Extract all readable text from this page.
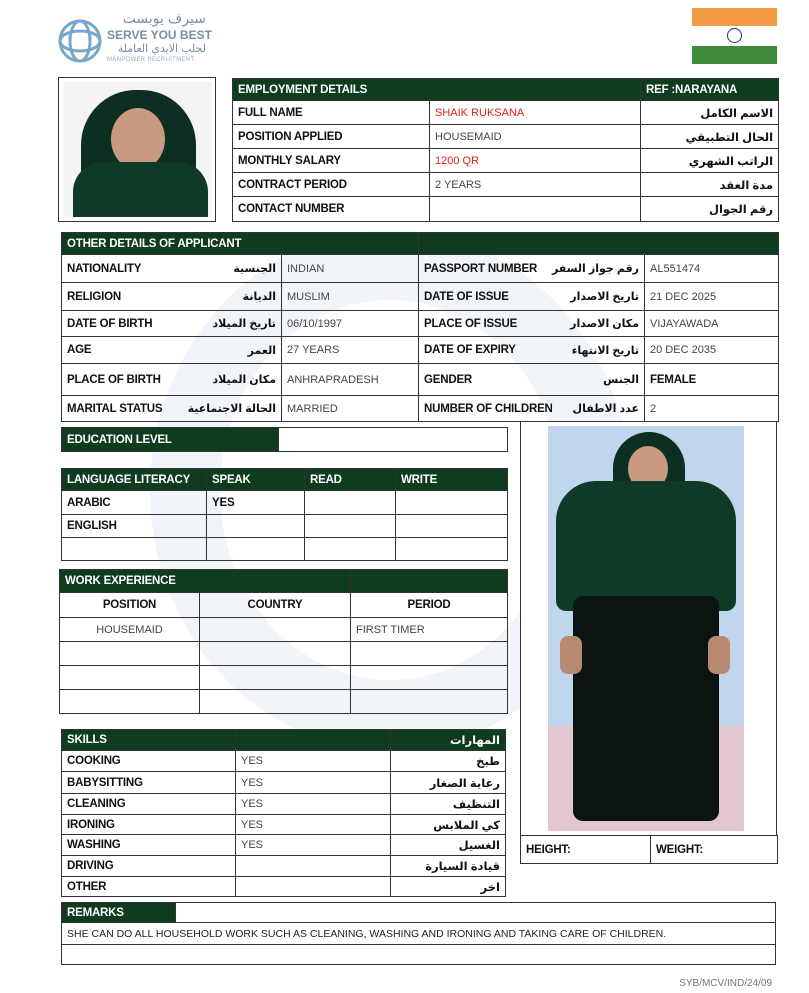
سيرف يوبست
SERVE YOU BEST
لجلب الايدي العاملة
MANPOWER RECRUITMENT
EMPLOYMENT DETAILS		REF :NARAYANA
FULL NAME	SHAIK RUKSANA	الاسم الكامل
POSITION APPLIED	HOUSEMAID	الحال التطبيقي
MONTHLY SALARY	1200 QR	الراتب الشهري
CONTRACT PERIOD	2 YEARS	مدة العقد
CONTACT NUMBER		رقم الجوال
OTHER DETAILS OF APPLICANT			

NATIONALITY الجنسية	INDIAN	PASSPORT NUMBER رقم جواز السفر	AL551474

RELIGION الديانة	MUSLIM	DATE OF ISSUE تاريخ الاصدار	21 DEC 2025

DATE OF BIRTH تاريخ الميلاد	06/10/1997	PLACE OF ISSUE مكان الاصدار	VIJAYAWADA

AGE العمر	27 YEARS	DATE OF EXPIRY تاريخ الانتهاء	20 DEC 2035

PLACE OF BIRTH مكان الميلاد	ANHRAPRADESH	GENDER الجنس	FEMALE

MARITAL STATUS الحالة الاجتماعية	MARRIED	NUMBER OF CHILDREN عدد الاطفال	2
EDUCATION LEVEL	
LANGUAGE LITERACY	SPEAK	READ	WRITE
ARABIC	YES		
ENGLISH			

WORK EXPERIENCE		
POSITION	COUNTRY	PERIOD
HOUSEMAID		FIRST TIMER

HEIGHT:	WEIGHT:
SKILLS		المهارات
COOKING	YES	طبخ
BABYSITTING	YES	رعاية الصغار
CLEANING	YES	التنظيف
IRONING	YES	كي الملابس
WASHING	YES	الغسيل
DRIVING		قيادة السيارة
OTHER		اخر
REMARKS	
SHE CAN DO ALL HOUSEHOLD WORK SUCH AS CLEANING, WASHING AND IRONING AND TAKING CARE OF CHILDREN.

SYB/MCV/IND/24/09
